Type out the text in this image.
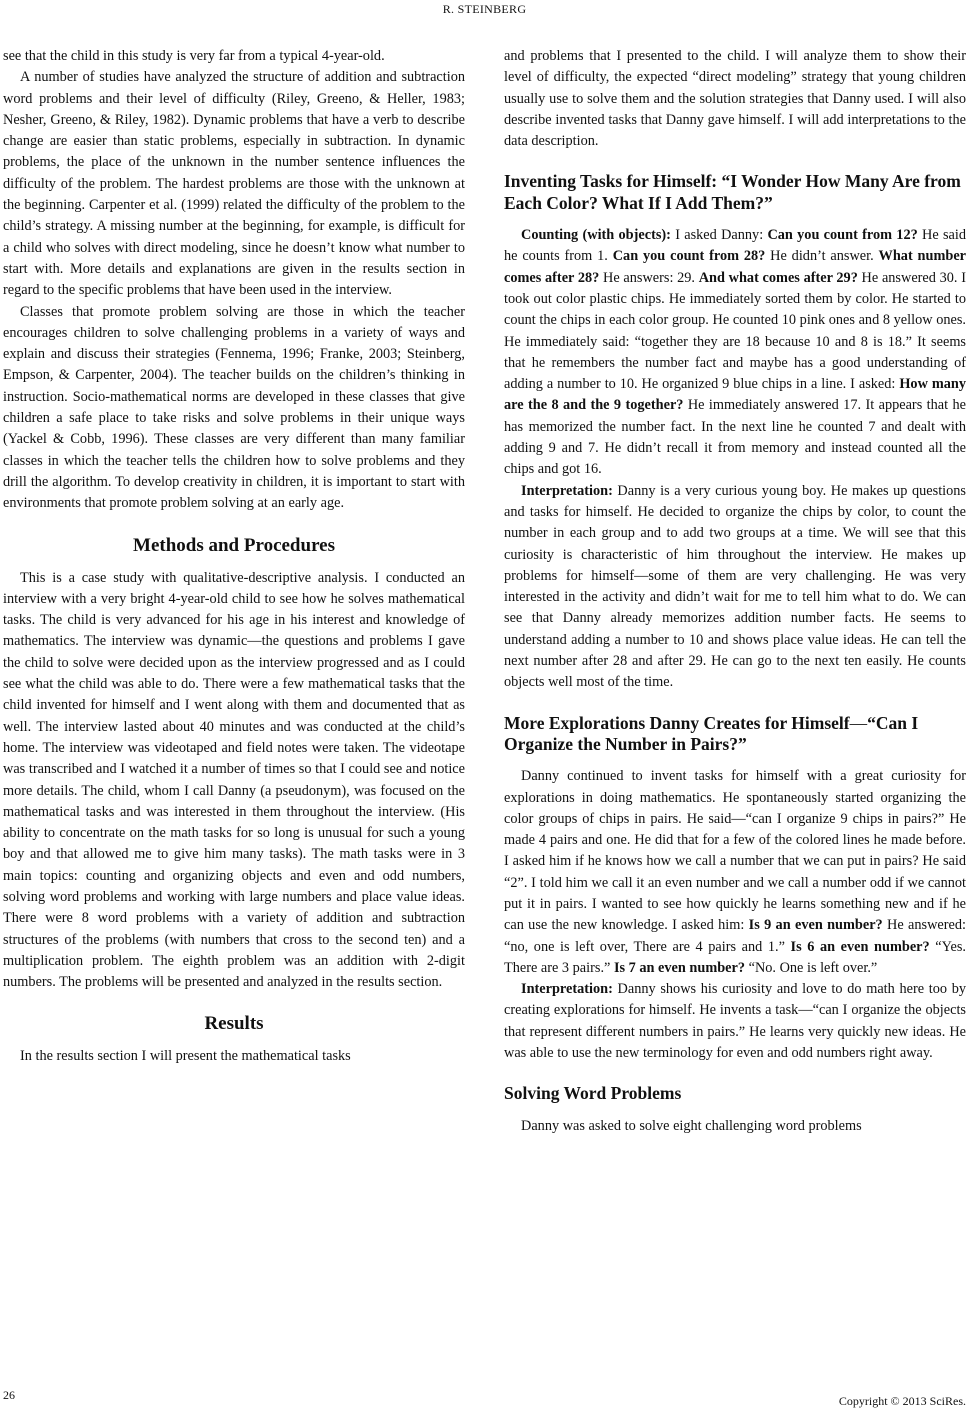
R. STEINBERG

see that the child in this study is very far from a typical 4-year-old.

A number of studies have analyzed the structure of addition and subtraction word problems and their level of difficulty (Riley, Greeno, & Heller, 1983; Nesher, Greeno, & Riley, 1982). Dynamic problems that have a verb to describe change are easier than static problems, especially in subtraction. In dynamic problems, the place of the unknown in the number sentence influences the difficulty of the problem. The hardest problems are those with the unknown at the beginning. Carpenter et al. (1999) related the difficulty of the problem to the child’s strategy. A missing number at the beginning, for example, is difficult for a child who solves with direct modeling, since he doesn’t know what number to start with. More details and explanations are given in the results section in regard to the specific problems that have been used in the interview.

Classes that promote problem solving are those in which the teacher encourages children to solve challenging problems in a variety of ways and explain and discuss their strategies (Fennema, 1996; Franke, 2003; Steinberg, Empson, & Carpenter, 2004). The teacher builds on the children’s thinking in instruction. Socio-mathematical norms are developed in these classes that give children a safe place to take risks and solve problems in their unique ways (Yackel & Cobb, 1996). These classes are very different than many familiar classes in which the teacher tells the children how to solve problems and they drill the algorithm. To develop creativity in children, it is important to start with environments that promote problem solving at an early age.

Methods and Procedures

This is a case study with qualitative-descriptive analysis. I conducted an interview with a very bright 4-year-old child to see how he solves mathematical tasks. The child is very advanced for his age in his interest and knowledge of mathematics. The interview was dynamic—the questions and problems I gave the child to solve were decided upon as the interview progressed and as I could see what the child was able to do. There were a few mathematical tasks that the child invented for himself and I went along with them and documented that as well. The interview lasted about 40 minutes and was conducted at the child’s home. The interview was videotaped and field notes were taken. The videotape was transcribed and I watched it a number of times so that I could see and notice more details. The child, whom I call Danny (a pseudonym), was focused on the mathematical tasks and was interested in them throughout the interview. (His ability to concentrate on the math tasks for so long is unusual for such a young boy and that allowed me to give him many tasks). The math tasks were in 3 main topics: counting and organizing objects and even and odd numbers, solving word problems and working with large numbers and place value ideas. There were 8 word problems with a variety of addition and subtraction structures of the problems (with numbers that cross to the second ten) and a multiplication problem. The eighth problem was an addition with 2-digit numbers. The problems will be presented and analyzed in the results section.

Results

In the results section I will present the mathematical tasks

and problems that I presented to the child. I will analyze them to show their level of difficulty, the expected “direct modeling” strategy that young children usually use to solve them and the solution strategies that Danny used. I will also describe invented tasks that Danny gave himself. I will add interpretations to the data description.

Inventing Tasks for Himself: “I Wonder How Many Are from Each Color? What If I Add Them?”

Counting (with objects): I asked Danny: Can you count from 12? He said he counts from 1. Can you count from 28? He didn’t answer. What number comes after 28? He answers: 29. And what comes after 29? He answered 30. I took out color plastic chips. He immediately sorted them by color. He started to count the chips in each color group. He counted 10 pink ones and 8 yellow ones. He immediately said: “together they are 18 because 10 and 8 is 18.” It seems that he remembers the number fact and maybe has a good understanding of adding a number to 10. He organized 9 blue chips in a line. I asked: How many are the 8 and the 9 together? He immediately answered 17. It appears that he has memorized the number fact. In the next line he counted 7 and dealt with adding 9 and 7. He didn’t recall it from memory and instead counted all the chips and got 16.

Interpretation: Danny is a very curious young boy. He makes up questions and tasks for himself. He decided to organize the chips by color, to count the number in each group and to add two groups at a time. We will see that this curiosity is characteristic of him throughout the interview. He makes up problems for himself—some of them are very challenging. He was very interested in the activity and didn’t wait for me to tell him what to do. We can see that Danny already memorizes addition number facts. He seems to understand adding a number to 10 and shows place value ideas. He can tell the next number after 28 and after 29. He can go to the next ten easily. He counts objects well most of the time.

More Explorations Danny Creates for Himself—“Can I Organize the Number in Pairs?”

Danny continued to invent tasks for himself with a great curiosity for explorations in doing mathematics. He spontaneously started organizing the color groups of chips in pairs. He said—“can I organize 9 chips in pairs?” He made 4 pairs and one. He did that for a few of the colored lines he made before. I asked him if he knows how we call a number that we can put in pairs? He said “2”. I told him we call it an even number and we call a number odd if we cannot put it in pairs. I wanted to see how quickly he learns something new and if he can use the new knowledge. I asked him: Is 9 an even number? He answered: “no, one is left over, There are 4 pairs and 1.” Is 6 an even number? “Yes. There are 3 pairs.” Is 7 an even number? “No. One is left over.”

Interpretation: Danny shows his curiosity and love to do math here too by creating explorations for himself. He invents a task—“can I organize the objects that represent different numbers in pairs.” He learns very quickly new ideas. He was able to use the new terminology for even and odd numbers right away.

Solving Word Problems

Danny was asked to solve eight challenging word problems

26	Copyright © 2013 SciRes.
